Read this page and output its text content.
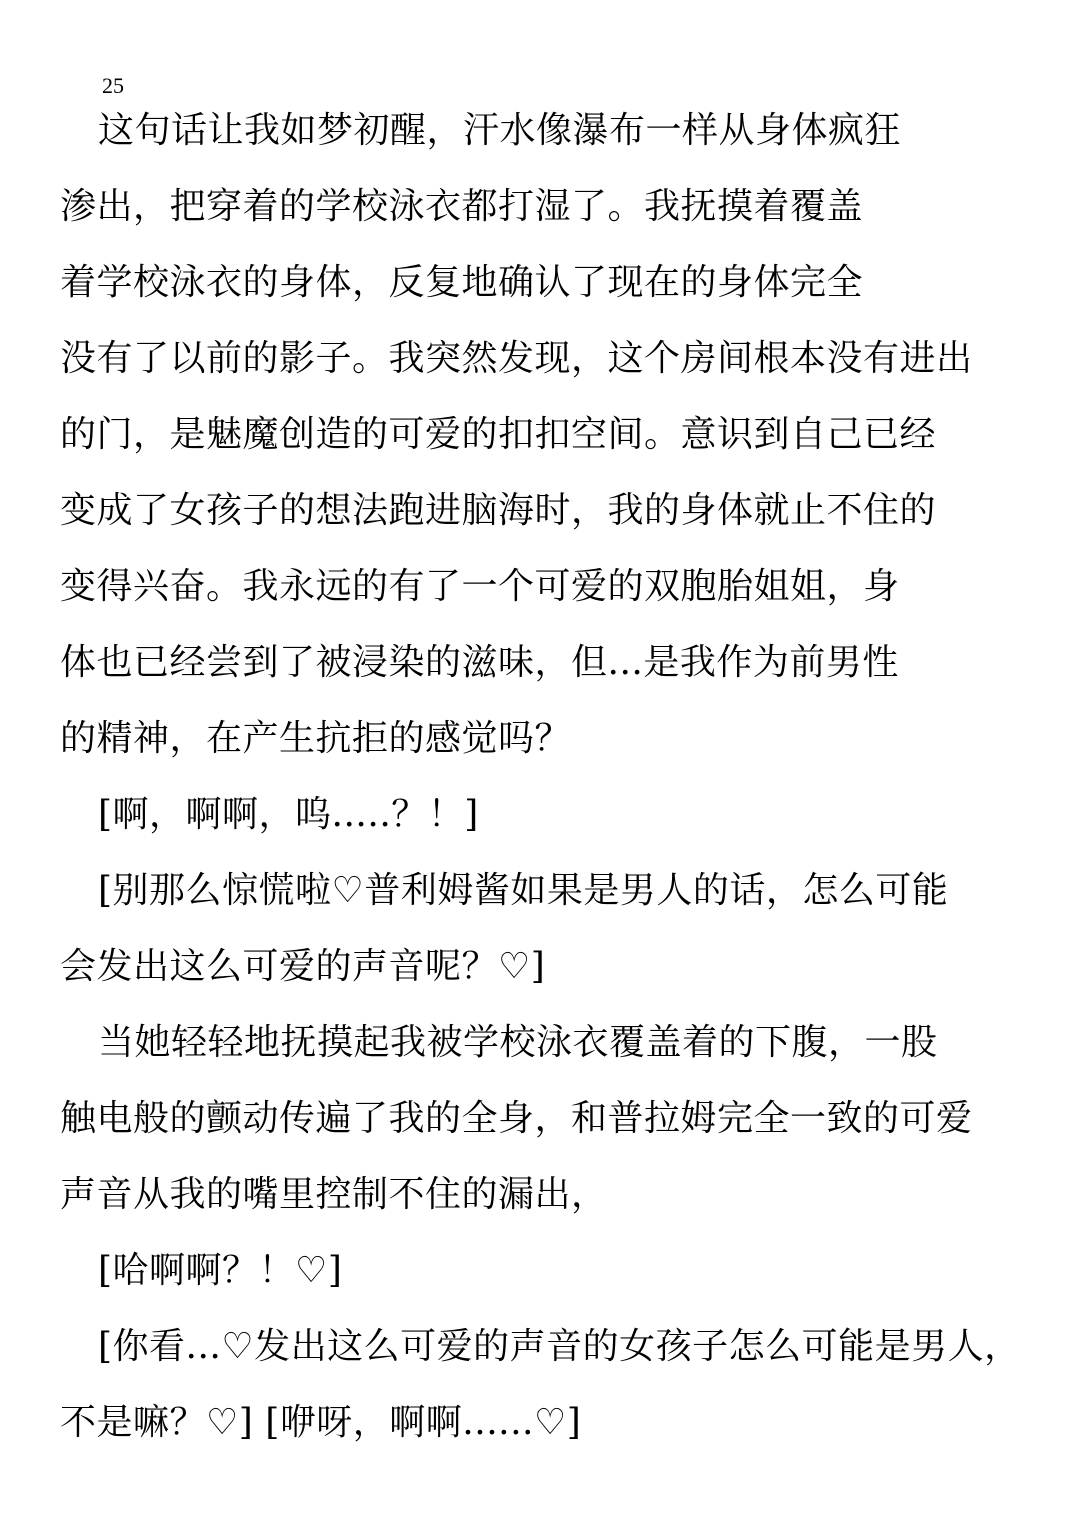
25
这句话让我如梦初醒，汗水像瀑布一样从身体疯狂
渗出，把穿着的学校泳衣都打湿了。我抚摸着覆盖
着学校泳衣的身体，反复地确认了现在的身体完全
没有了以前的影子。我突然发现，这个房间根本没有进出
的门，是魅魔创造的可爱的扣扣空间。意识到自己已经
变成了女孩子的想法跑进脑海时，我的身体就止不住的
变得兴奋。我永远的有了一个可爱的双胞胎姐姐，身
体也已经尝到了被浸染的滋味，但...是我作为前男性
的精神，在产生抗拒的感觉吗？
[啊，啊啊，呜.....？！]
[别那么惊慌啦♡普利姆酱如果是男人的话，怎么可能
会发出这么可爱的声音呢？♡]
当她轻轻地抚摸起我被学校泳衣覆盖着的下腹，一股
触电般的颤动传遍了我的全身，和普拉姆完全一致的可爱
声音从我的嘴里控制不住的漏出，
[哈啊啊？！♡]
[你看...♡发出这么可爱的声音的女孩子怎么可能是男人，
不是嘛？♡] [咿呀，啊啊......♡]
